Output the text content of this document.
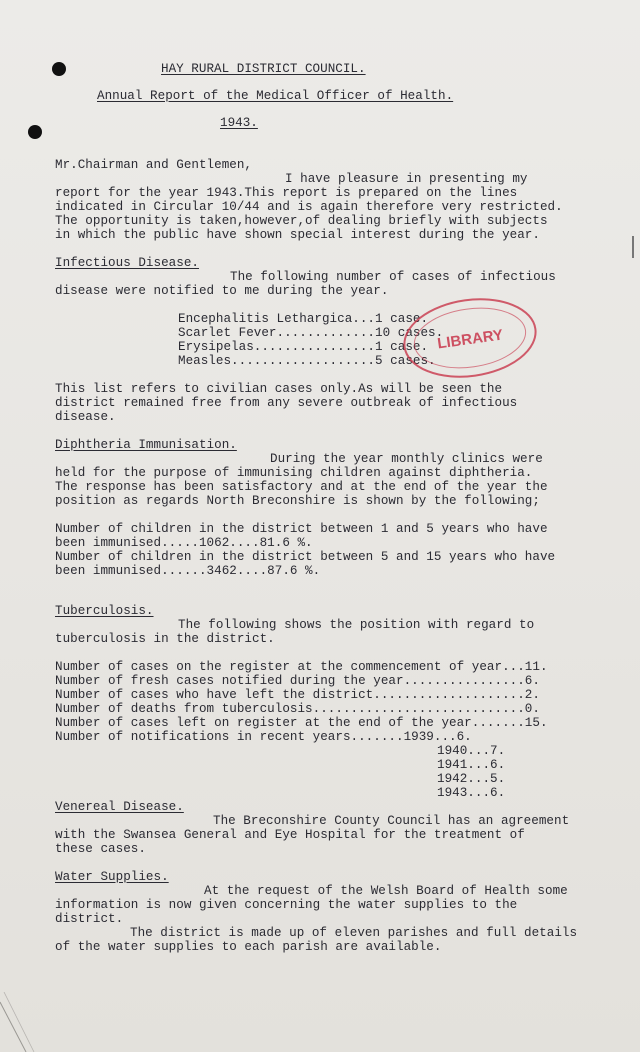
HAY RURAL DISTRICT COUNCIL.
Annual Report of the Medical Officer of Health.
1943.
Mr.Chairman and Gentlemen,
I have pleasure in presenting my
report for the year 1943.This report is prepared on the lines
indicated in Circular 10/44 and is again therefore very restricted.
The opportunity is taken,however,of dealing briefly with subjects
in which the public have shown special interest during the year.
Infectious Disease.
The following number of cases of infectious
disease were notified to me during the year.
Encephalitis Lethargica...1 case.
Scarlet Fever.............10 cases.
Erysipelas................1 case.
Measles...................5 cases.
LIBRARY
This list refers to civilian cases only.As will be seen the
district remained free from any severe outbreak of infectious
disease.
Diphtheria Immunisation.
During the year monthly clinics were
held for the purpose of immunising children against diphtheria.
The response has been satisfactory and at the end of the year the
position as regards North Breconshire is shown by the following;
Number of children in the district between 1 and 5 years who have
been immunised.....1062....81.6 %.
Number of children in the district between 5 and 15 years who have
been immunised......3462....87.6 %.
Tuberculosis.
The following shows the position with regard to
tuberculosis in the district.
Number of cases on the register at the commencement of year...11.
Number of fresh cases notified during the year................6.
Number of cases who have left the district....................2.
Number of deaths from tuberculosis............................0.
Number of cases left on register at the end of the year.......15.
Number of notifications in recent years.......1939...6.
1940...7.
1941...6.
1942...5.
1943...6.
Venereal Disease.
The Breconshire County Council has an agreement
with the Swansea General and Eye Hospital for the treatment of
these cases.
Water Supplies.
At the request of the Welsh Board of Health some
information is now given concerning the water supplies to the
district.
The district is made up of eleven parishes and full details
of the water supplies to each parish are available.
